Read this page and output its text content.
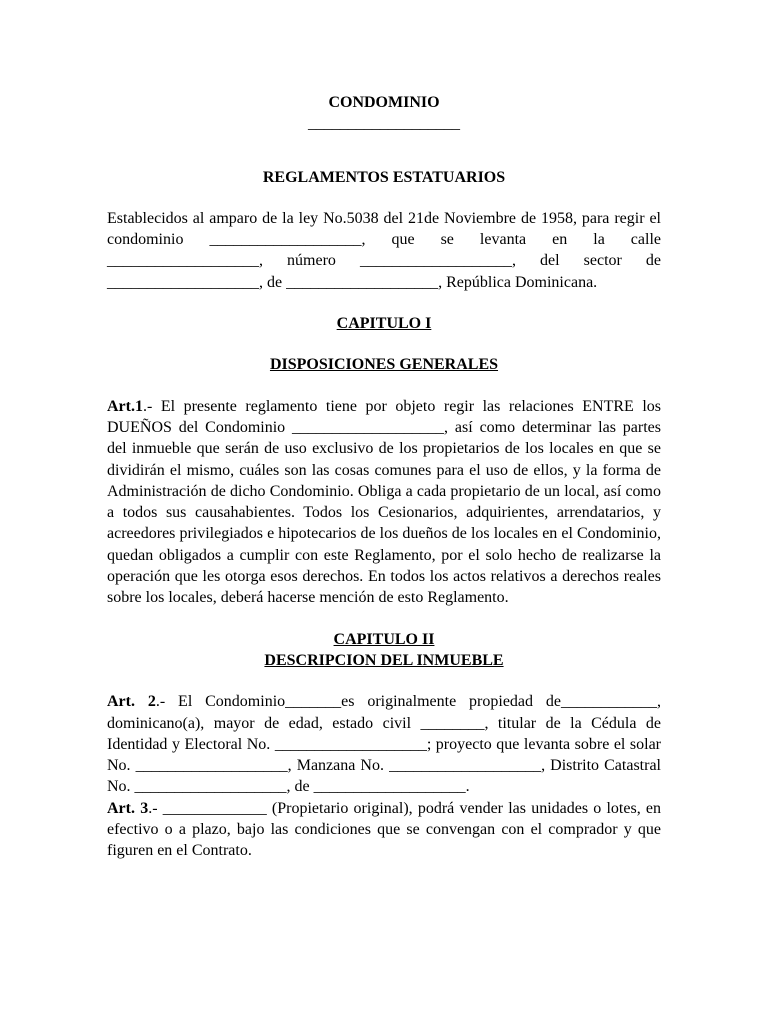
CONDOMINIO
___________________
REGLAMENTOS ESTATUARIOS
Establecidos al amparo de la ley No.5038 del 21de Noviembre de 1958, para regir el condominio ___________________, que se levanta en la calle ___________________, número ___________________, del sector de ___________________, de ___________________, República Dominicana.
CAPITULO I
DISPOSICIONES GENERALES
Art.1.- El presente reglamento tiene por objeto regir las relaciones ENTRE los DUEÑOS del Condominio ___________________, así como determinar las partes del inmueble que serán de uso exclusivo de los propietarios de los locales en que se dividirán el mismo, cuáles son las cosas comunes para el uso de ellos, y la forma de Administración de dicho Condominio. Obliga a cada propietario de un local, así como a todos sus causahabientes. Todos los Cesionarios, adquirientes, arrendatarios, y acreedores privilegiados e hipotecarios de los dueños de los locales en el Condominio, quedan obligados a cumplir con este Reglamento, por el solo hecho de realizarse la operación que les otorga esos derechos. En todos los actos relativos a derechos reales sobre los locales, deberá hacerse mención de esto Reglamento.
CAPITULO II
DESCRIPCION DEL INMUEBLE
Art. 2.- El Condominio_______es originalmente propiedad de____________, dominicano(a), mayor de edad, estado civil ________, titular de la Cédula de Identidad y Electoral No. ___________________; proyecto que levanta sobre el solar No. ___________________, Manzana No. ___________________, Distrito Catastral No. ___________________, de ___________________.
Art. 3.- _____________ (Propietario original), podrá vender las unidades o lotes, en efectivo o a plazo, bajo las condiciones que se convengan con el comprador y que figuren en el Contrato.
